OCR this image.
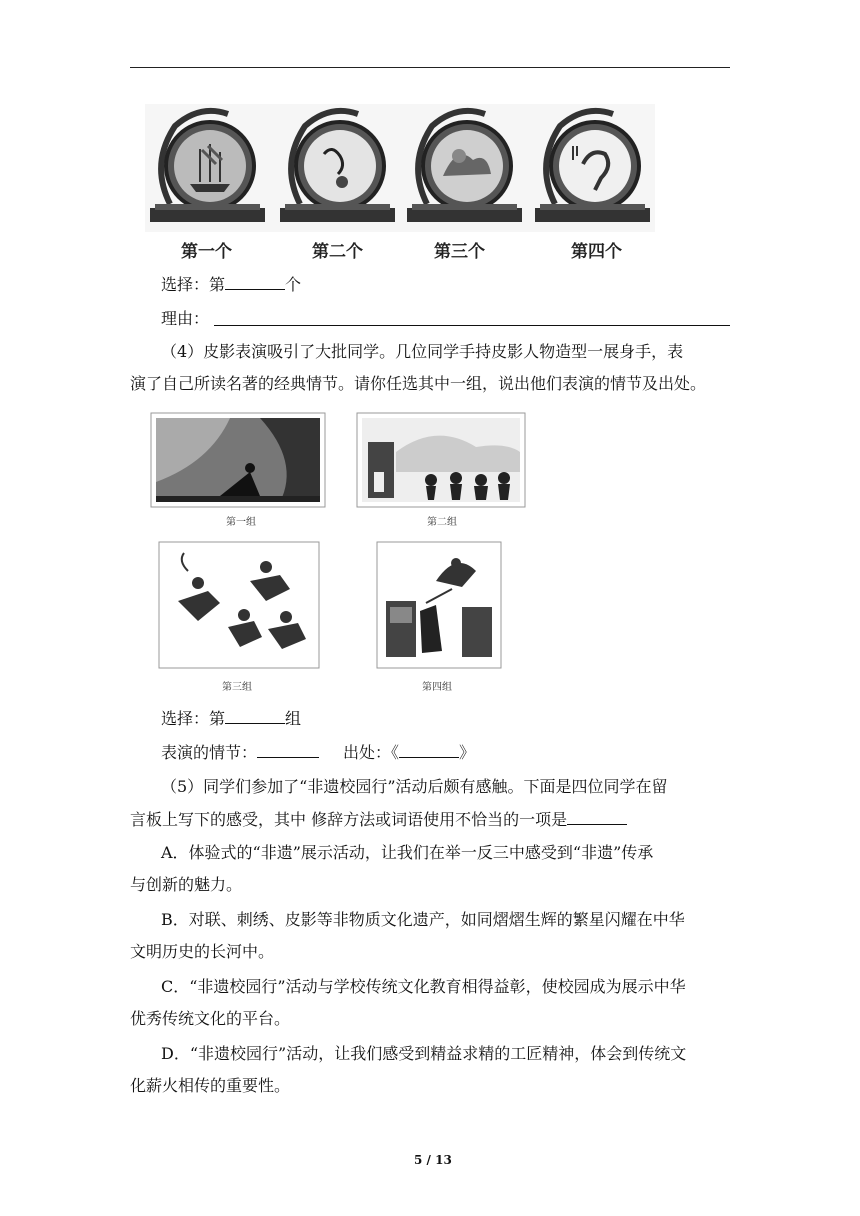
第一个	第二个	第三个	第四个
选择：第	个
理由：
（4）皮影表演吸引了大批同学。几位同学手持皮影人物造型一展身手，表
演了自己所读名著的经典情节。请你任选其中一组，说出他们表演的情节及出处。
第一组	第二组
第三组	第四组
选择：第	组
表演的情节：	出处：《	》
（5）同学们参加了“非遗校园行”活动后颇有感触。下面是四位同学在留
言板上写下的感受，其中 修辞方法或词语使用不恰当的一项是
A．体验式的“非遗”展示活动，让我们在举一反三中感受到“非遗”传承
与创新的魅力。
B．对联、刺绣、皮影等非物质文化遗产，如同熠熠生辉的繁星闪耀在中华
文明历史的长河中。
C．“非遗校园行”活动与学校传统文化教育相得益彰，使校园成为展示中华
优秀传统文化的平台。
D．“非遗校园行”活动，让我们感受到精益求精的工匠精神，体会到传统文
化薪火相传的重要性。
5 / 13
